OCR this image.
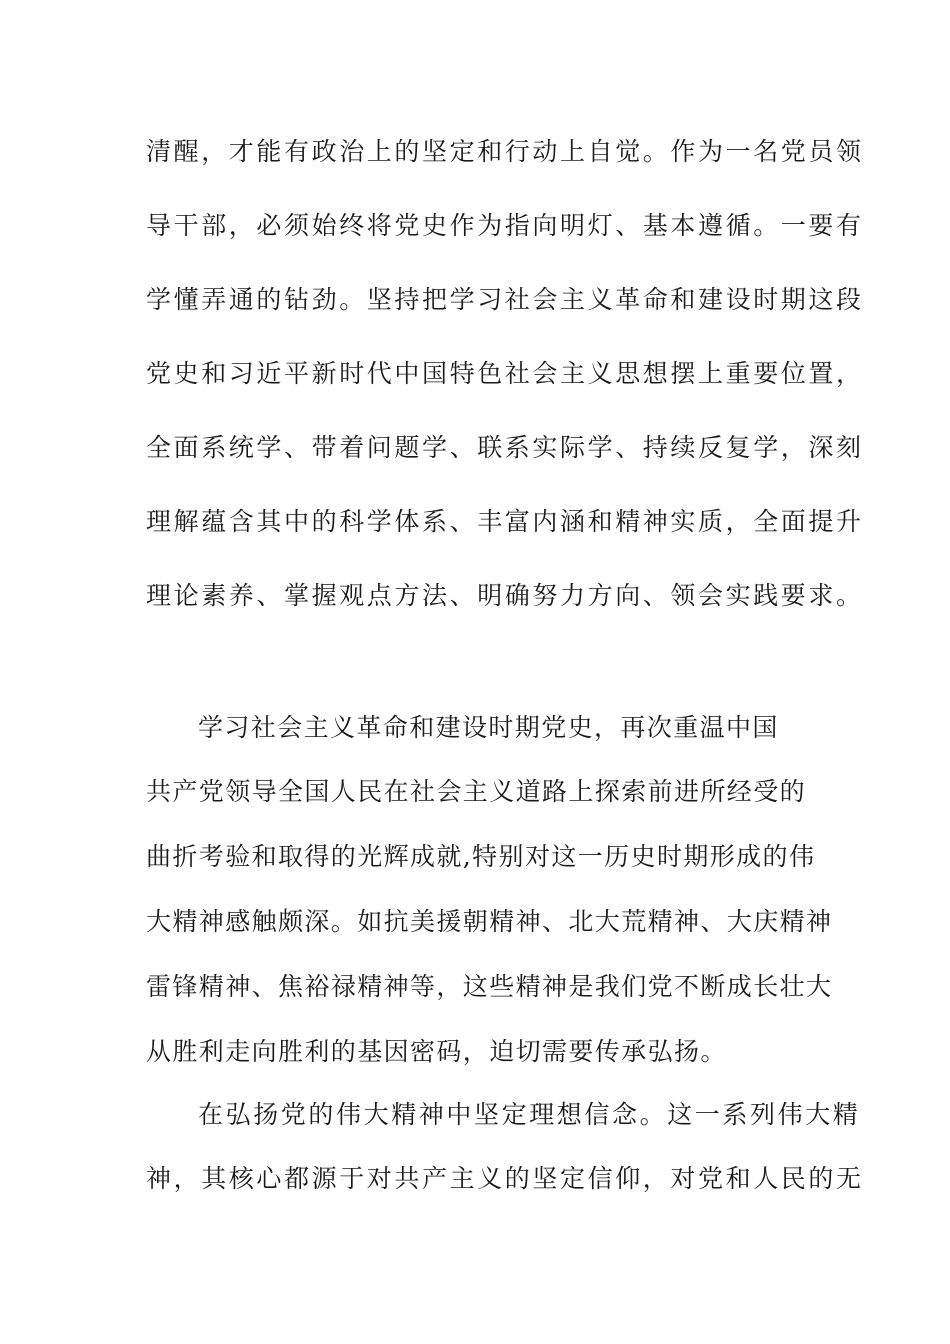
清醒，才能有政治上的坚定和行动上自觉。作为一名党员领
导干部，必须始终将党史作为指向明灯、基本遵循。一要有
学懂弄通的钻劲。坚持把学习社会主义革命和建设时期这段
党史和习近平新时代中国特色社会主义思想摆上重要位置，
全面系统学、带着问题学、联系实际学、持续反复学，深刻
理解蕴含其中的科学体系、丰富内涵和精神实质，全面提升
理论素养、掌握观点方法、明确努力方向、领会实践要求。
学习社会主义革命和建设时期党史，再次重温中国
共产党领导全国人民在社会主义道路上探索前进所经受的
曲折考验和取得的光辉成就,特别对这一历史时期形成的伟
大精神感触颇深。如抗美援朝精神、北大荒精神、大庆精神
雷锋精神、焦裕禄精神等，这些精神是我们党不断成长壮大
从胜利走向胜利的基因密码，迫切需要传承弘扬。
在弘扬党的伟大精神中坚定理想信念。这一系列伟大精
神，其核心都源于对共产主义的坚定信仰，对党和人民的无
